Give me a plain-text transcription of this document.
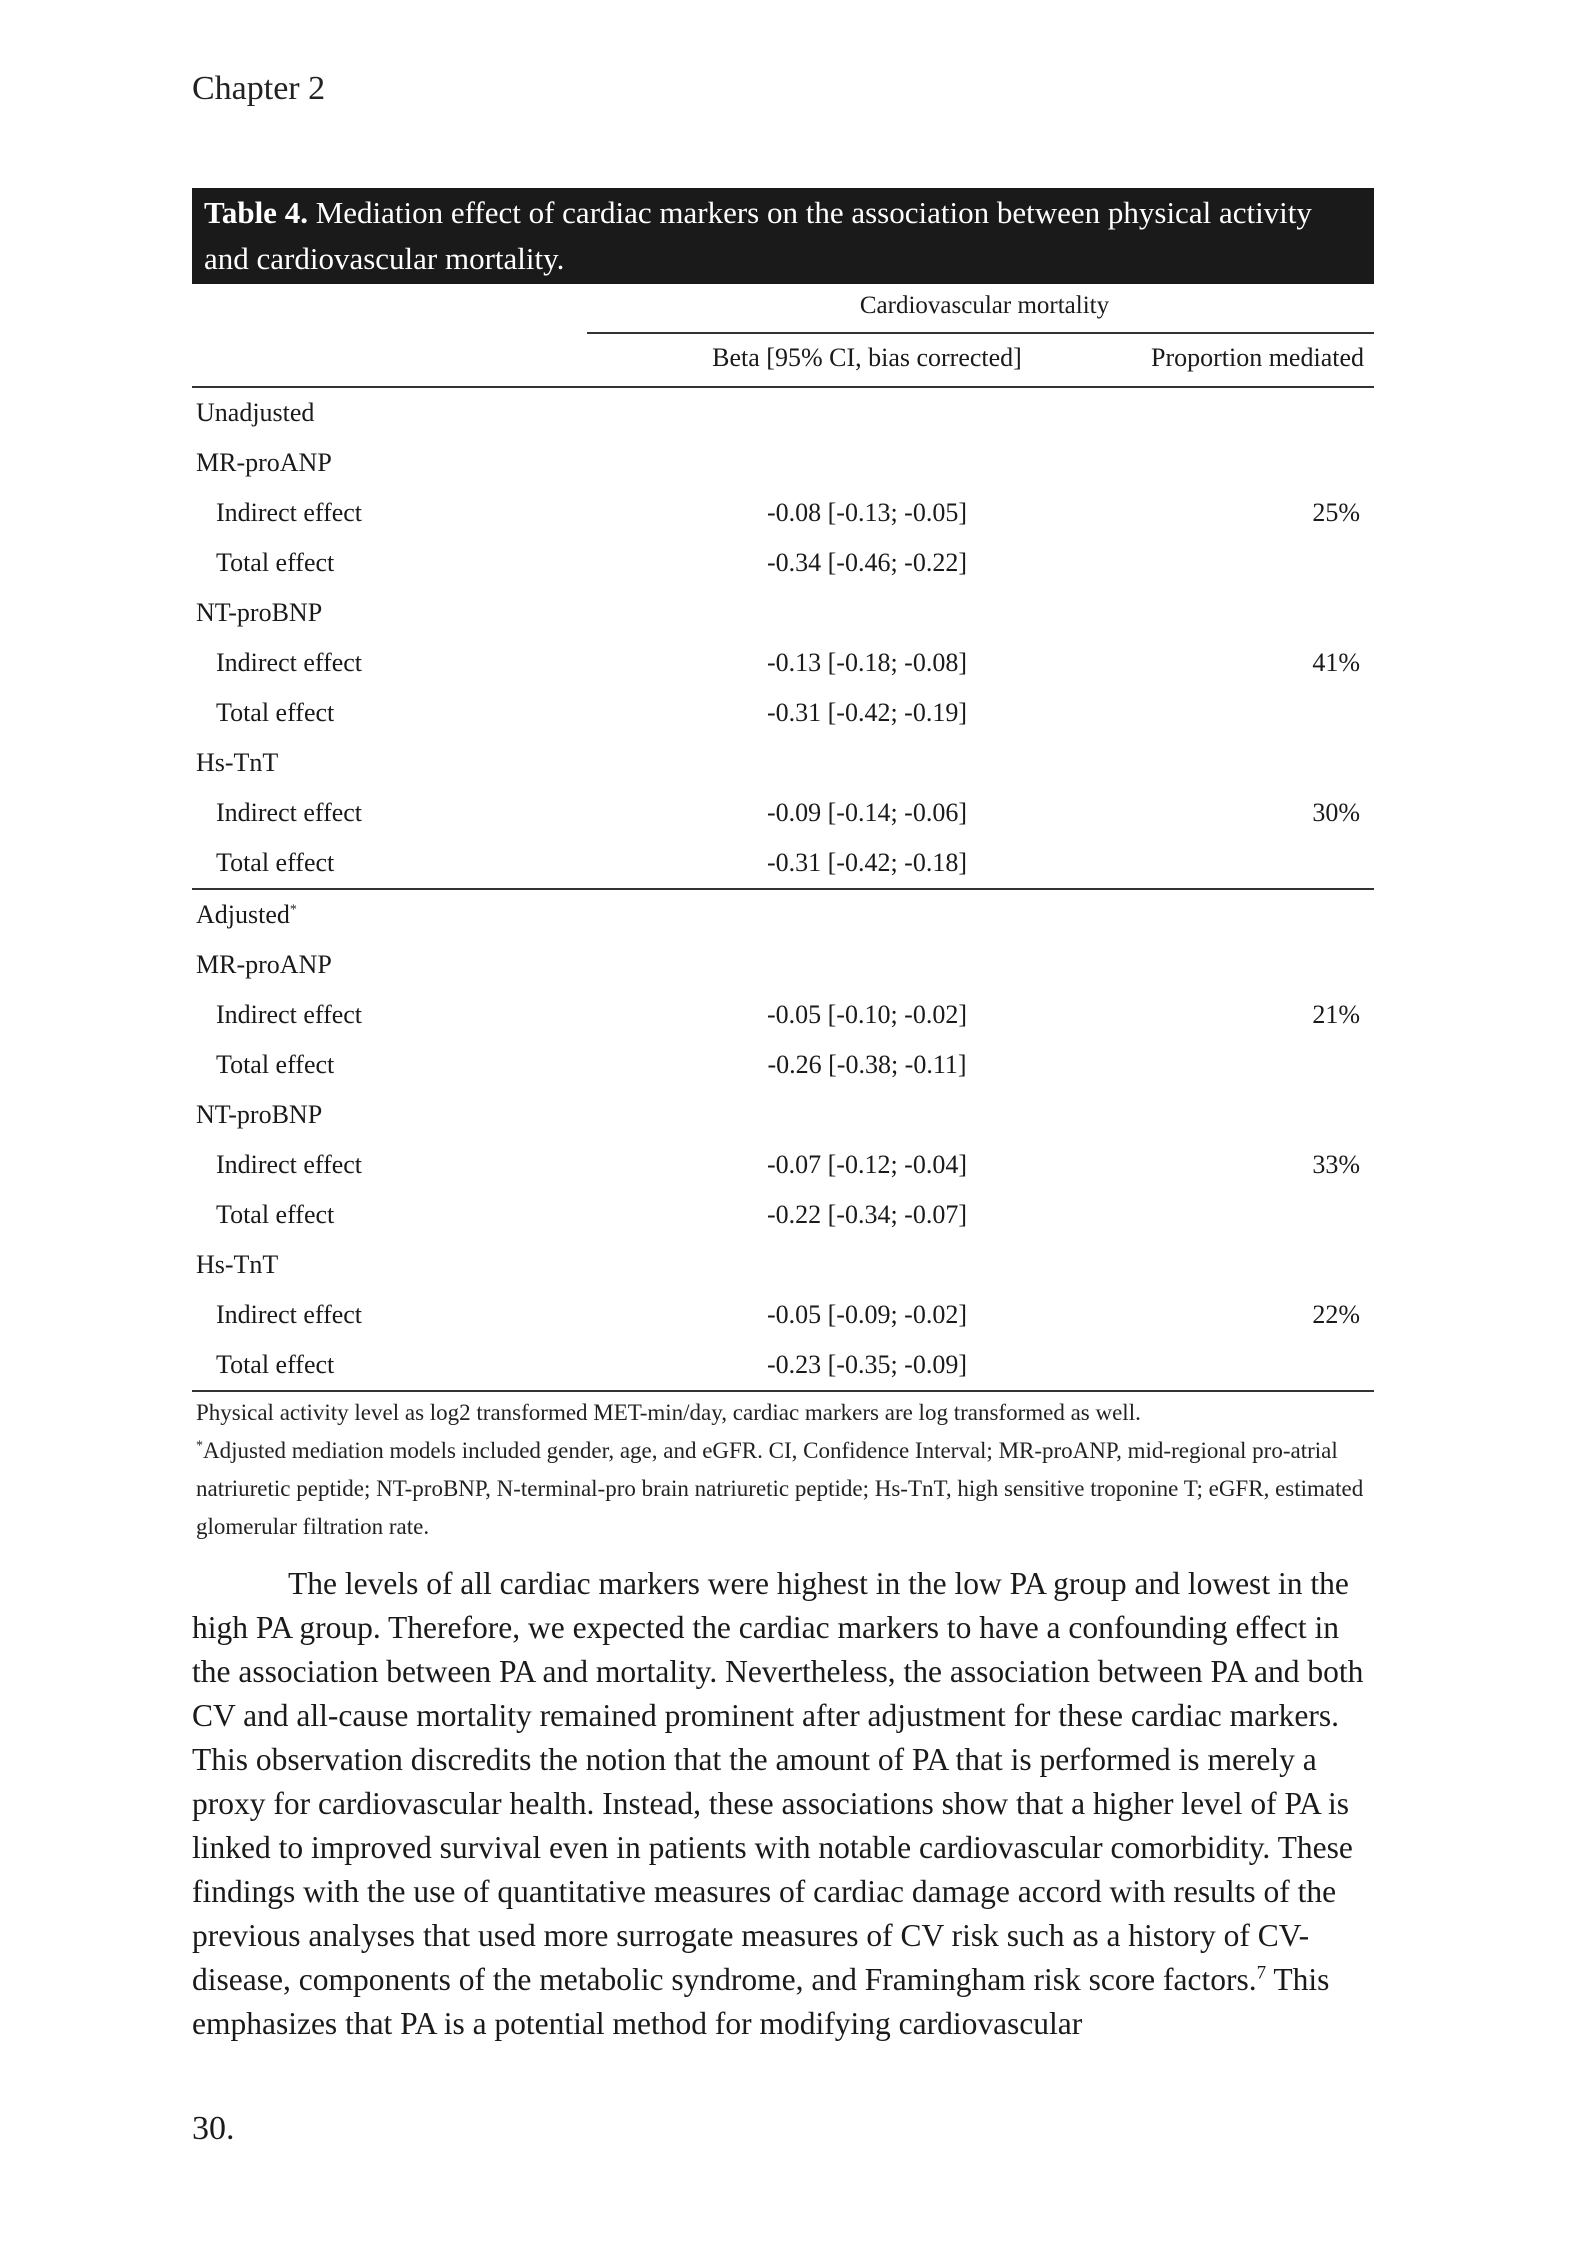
Chapter 2
Table 4. Mediation effect of cardiac markers on the association between physical activity and cardiovascular mortality.
Cardiovascular mortality
Beta [95% CI, bias corrected]	Proportion mediated
Unadjusted
MR-proANP
Indirect effect	-0.08 [-0.13; -0.05]	25%
Total effect	-0.34 [-0.46; -0.22]
NT-proBNP
Indirect effect	-0.13 [-0.18; -0.08]	41%
Total effect	-0.31 [-0.42; -0.19]
Hs-TnT
Indirect effect	-0.09 [-0.14; -0.06]	30%
Total effect	-0.31 [-0.42; -0.18]
Adjusted*
MR-proANP
Indirect effect	-0.05 [-0.10; -0.02]	21%
Total effect	-0.26 [-0.38; -0.11]
NT-proBNP
Indirect effect	-0.07 [-0.12; -0.04]	33%
Total effect	-0.22 [-0.34; -0.07]
Hs-TnT
Indirect effect	-0.05 [-0.09; -0.02]	22%
Total effect	-0.23 [-0.35; -0.09]
Physical activity level as log2 transformed MET-min/day, cardiac markers are log transformed as well.
*Adjusted mediation models included gender, age, and eGFR. CI, Confidence Interval; MR-proANP, mid-regional pro-atrial natriuretic peptide; NT-proBNP, N-terminal-pro brain natriuretic peptide; Hs-TnT, high sensitive troponine T; eGFR, estimated glomerular filtration rate.

The levels of all cardiac markers were highest in the low PA group and lowest in the high PA group. Therefore, we expected the cardiac markers to have a confounding effect in the association between PA and mortality. Nevertheless, the association between PA and both CV and all-cause mortality remained prominent after adjustment for these cardiac markers. This observation discredits the notion that the amount of PA that is performed is merely a proxy for cardiovascular health. Instead, these associations show that a higher level of PA is linked to improved survival even in patients with notable cardiovascular comorbidity. These findings with the use of quantitative measures of cardiac damage accord with results of the previous analyses that used more surrogate measures of CV risk such as a history of CV-disease, components of the metabolic syndrome, and Framingham risk score factors.$^7$ This emphasizes that PA is a potential method for modifying cardiovascular

30.
